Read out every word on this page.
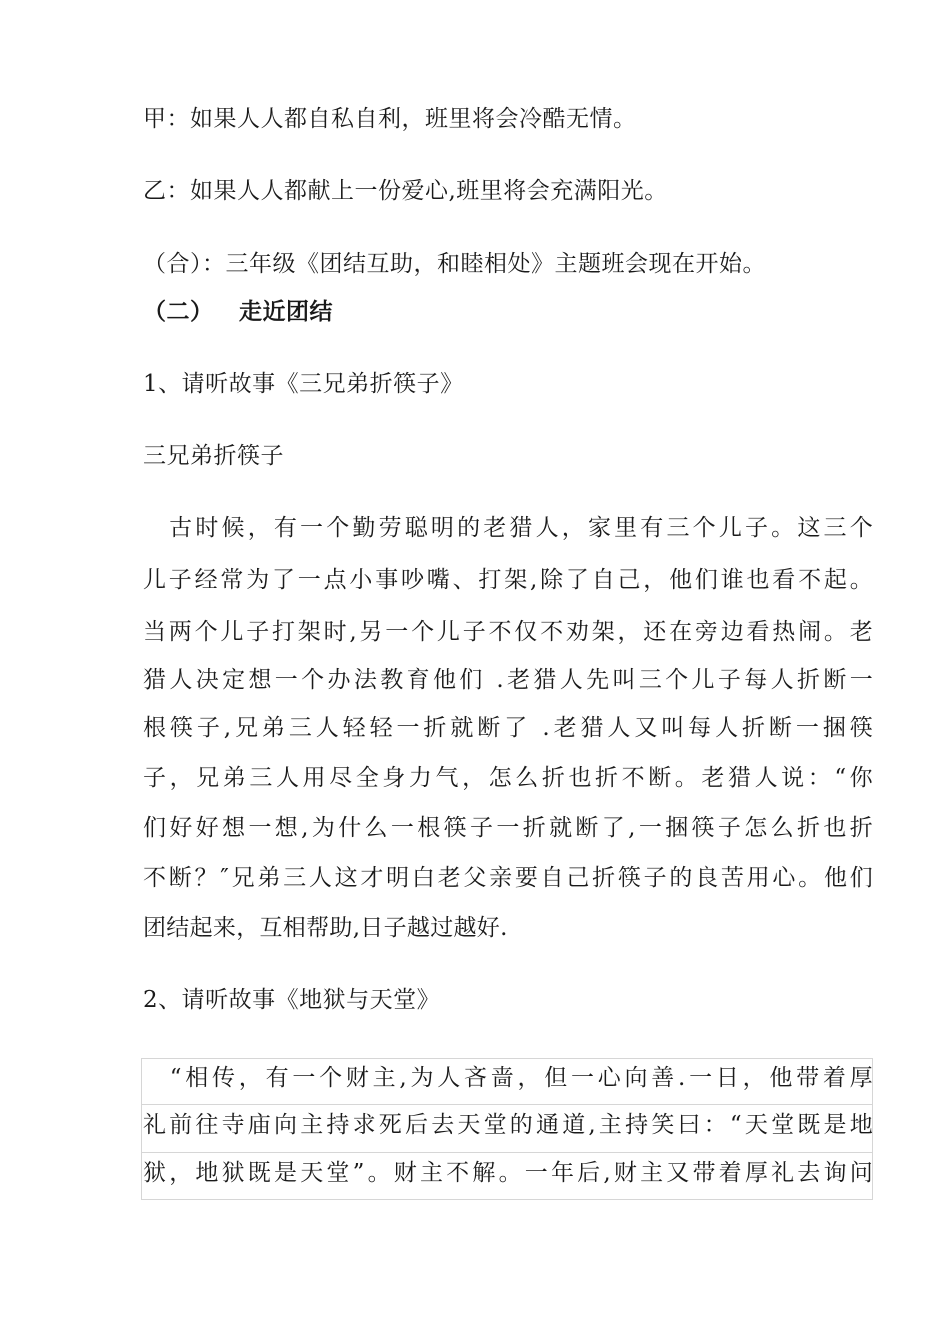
甲：如果人人都自私自利，班里将会冷酷无情。
乙：如果人人都献上一份爱心,班里将会充满阳光。
（合）：三年级《团结互助，和睦相处》主题班会现在开始。
（二） 走近团结
1、请听故事《三兄弟折筷子》
三兄弟折筷子
　古时候，有一个勤劳聪明的老猎人，家里有三个儿子。这三个
儿子经常为了一点小事吵嘴、打架,除了自己，他们谁也看不起。
当两个儿子打架时,另一个儿子不仅不劝架，还在旁边看热闹。老
猎人决定想一个办法教育他们 .老猎人先叫三个儿子每人折断一
根筷子,兄弟三人轻轻一折就断了 .老猎人又叫每人折断一捆筷
子，兄弟三人用尽全身力气，怎么折也折不断。老猎人说：“你
们好好想一想,为什么一根筷子一折就断了,一捆筷子怎么折也折
不断？″兄弟三人这才明白老父亲要自己折筷子的良苦用心。他们
团结起来，互相帮助,日子越过越好.
2、请听故事《地狱与天堂》
　“相传，有一个财主,为人吝啬，但一心向善.一日，他带着厚
礼前往寺庙向主持求死后去天堂的通道,主持笑曰：“天堂既是地
狱，地狱既是天堂”。财主不解。一年后,财主又带着厚礼去询问
